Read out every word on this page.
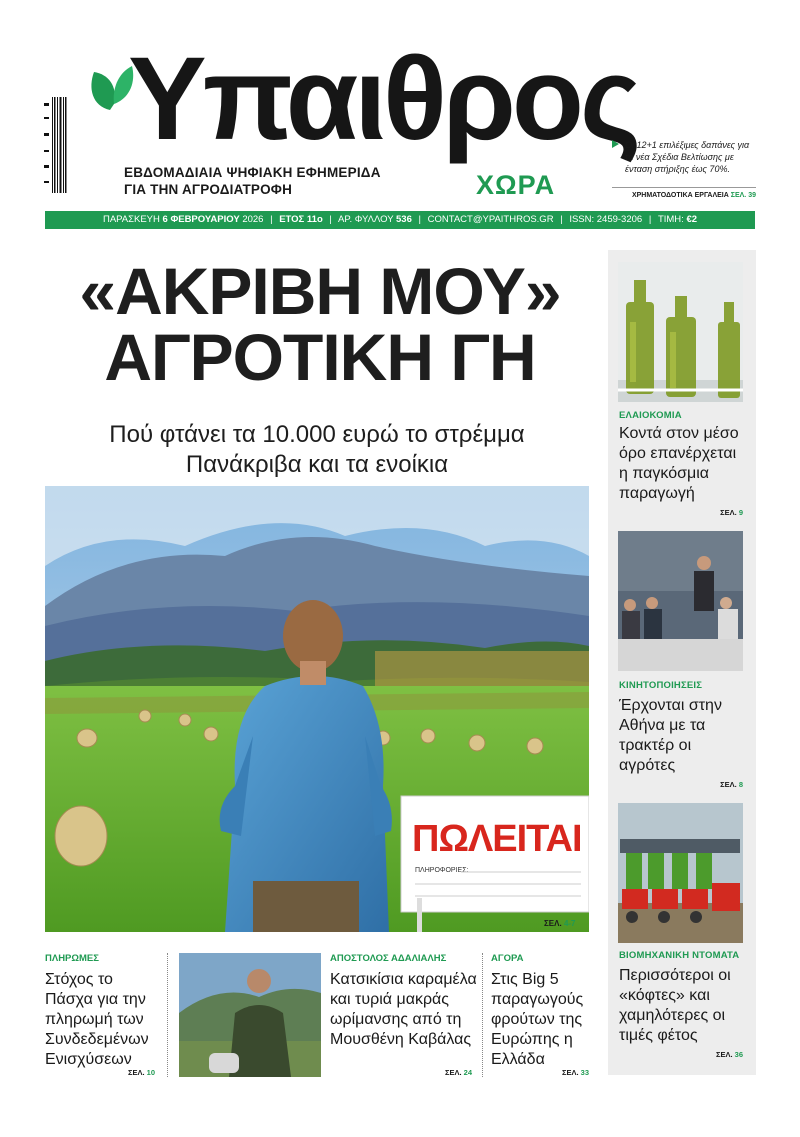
Υπαιθρος
ΕΒΔΟΜΑΔΙΑΙΑ ΨΗΦΙΑΚΗ ΕΦΗΜΕΡΙΔΑ
ΓΙΑ ΤΗΝ ΑΓΡΟΔΙΑΤΡΟΦΗ	ΧΩΡΑ
Οι 12+1 επιλέξιμες δαπάνες για τα νέα Σχέδια Βελτίωσης με ένταση στήριξης έως 70%.
ΧΡΗΜΑΤΟΔΟΤΙΚΑ ΕΡΓΑΛΕΙΑ ΣΕΛ. 39
ΠΑΡΑΣΚΕΥΗ 6 ΦΕΒΡΟΥΑΡΙΟΥ 2026 | ΕΤΟΣ 11ο | ΑΡ. ΦΥΛΛΟΥ 536 | CONTACT@YPAITHROS.GR | ISSN: 2459-3206 | ΤΙΜΗ: €2
«ΑΚΡΙΒΗ ΜΟΥ»
ΑΓΡΟΤΙΚΗ ΓΗ
Πού φτάνει τα 10.000 ευρώ το στρέμμα
Πανάκριβα και τα ενοίκια
ΠΩΛΕΙΤΑΙ
ΠΛΗΡΟΦΟΡΙΕΣ:
ΣΕΛ. 4-7
ΕΛΑΙΟΚΟΜΙΑ
Κοντά στον μέσο όρο επανέρχεται η παγκόσμια παραγωγή
ΣΕΛ. 9
ΚΙΝΗΤΟΠΟΙΗΣΕΙΣ
Έρχονται στην Αθήνα με τα τρακτέρ οι αγρότες
ΣΕΛ. 8
ΒΙΟΜΗΧΑΝΙΚΗ ΝΤΟΜΑΤΑ
Περισσότεροι οι «κόφτες» και χαμηλότερες οι τιμές φέτος
ΣΕΛ. 36
ΠΛΗΡΩΜΕΣ
Στόχος το Πάσχα για την πληρωμή των Συνδεδεμένων Ενισχύσεων
ΣΕΛ. 10
ΑΠΟΣΤΟΛΟΣ ΑΔΑΛΙΑΛΗΣ
Κατσικίσια καραμέλα και τυριά μακράς ωρίμανσης από τη Μουσθένη Καβάλας
ΣΕΛ. 24
ΑΓΟΡΑ
Στις Big 5 παραγωγούς φρούτων της Ευρώπης η Ελλάδα
ΣΕΛ. 33
